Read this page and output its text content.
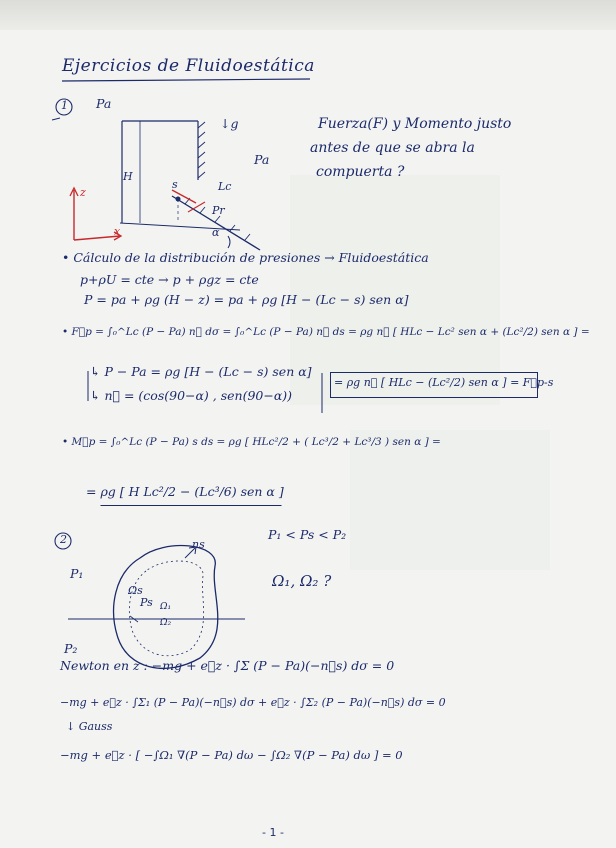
Ejercicios de Fluidoestática
1 Pa
↓g
Pa
H
z
x
Lc
s
Pr
α
Fuerza(F) y Momento justo
antes de que se abra la
compuerta ?
• Cálculo de la distribución de presiones → Fluidoestática
p+ρU = cte → p + ρgz = cte
P = pa + ρg (H − z) = pa + ρg [H − (Lc − s) sen α]
• F⃗p = ∫₀^Lc (P − Pa) n⃗ dσ = ∫₀^Lc (P − Pa) n⃗ ds = ρg n⃗ [ HLc − Lc² sen α + (Lc²/2) sen α ] =
↳ P − Pa = ρg [H − (Lc − s) sen α]
↳ n⃗ = (cos(90−α) , sen(90−α))
= ρg n⃗ [ HLc − (Lc²/2) sen α ] = F⃗p-s
• M⃗p = ∫₀^Lc (P − Pa) s ds = ρg [ HLc²/2 + ( Lc³/2 + Lc³/3 ) sen α ] =
= ρg [ H Lc²/2 − (Lc³/6) sen α ]
2
P₁
P₂
Ωs
Ps Ω₁
Ω₂
ns
P₁ < Ps < P₂
Ω₁, Ω₂ ?
Newton en z : −mg + e⃗z · ∫Σ (P − Pa)(−n⃗s) dσ = 0
−mg + e⃗z · ∫Σ₁ (P − Pa)(−n⃗s) dσ + e⃗z · ∫Σ₂ (P − Pa)(−n⃗s) dσ = 0
↓ Gauss
−mg + e⃗z · [ −∫Ω₁ ∇(P − Pa) dω − ∫Ω₂ ∇(P − Pa) dω ] = 0
- 1 -
